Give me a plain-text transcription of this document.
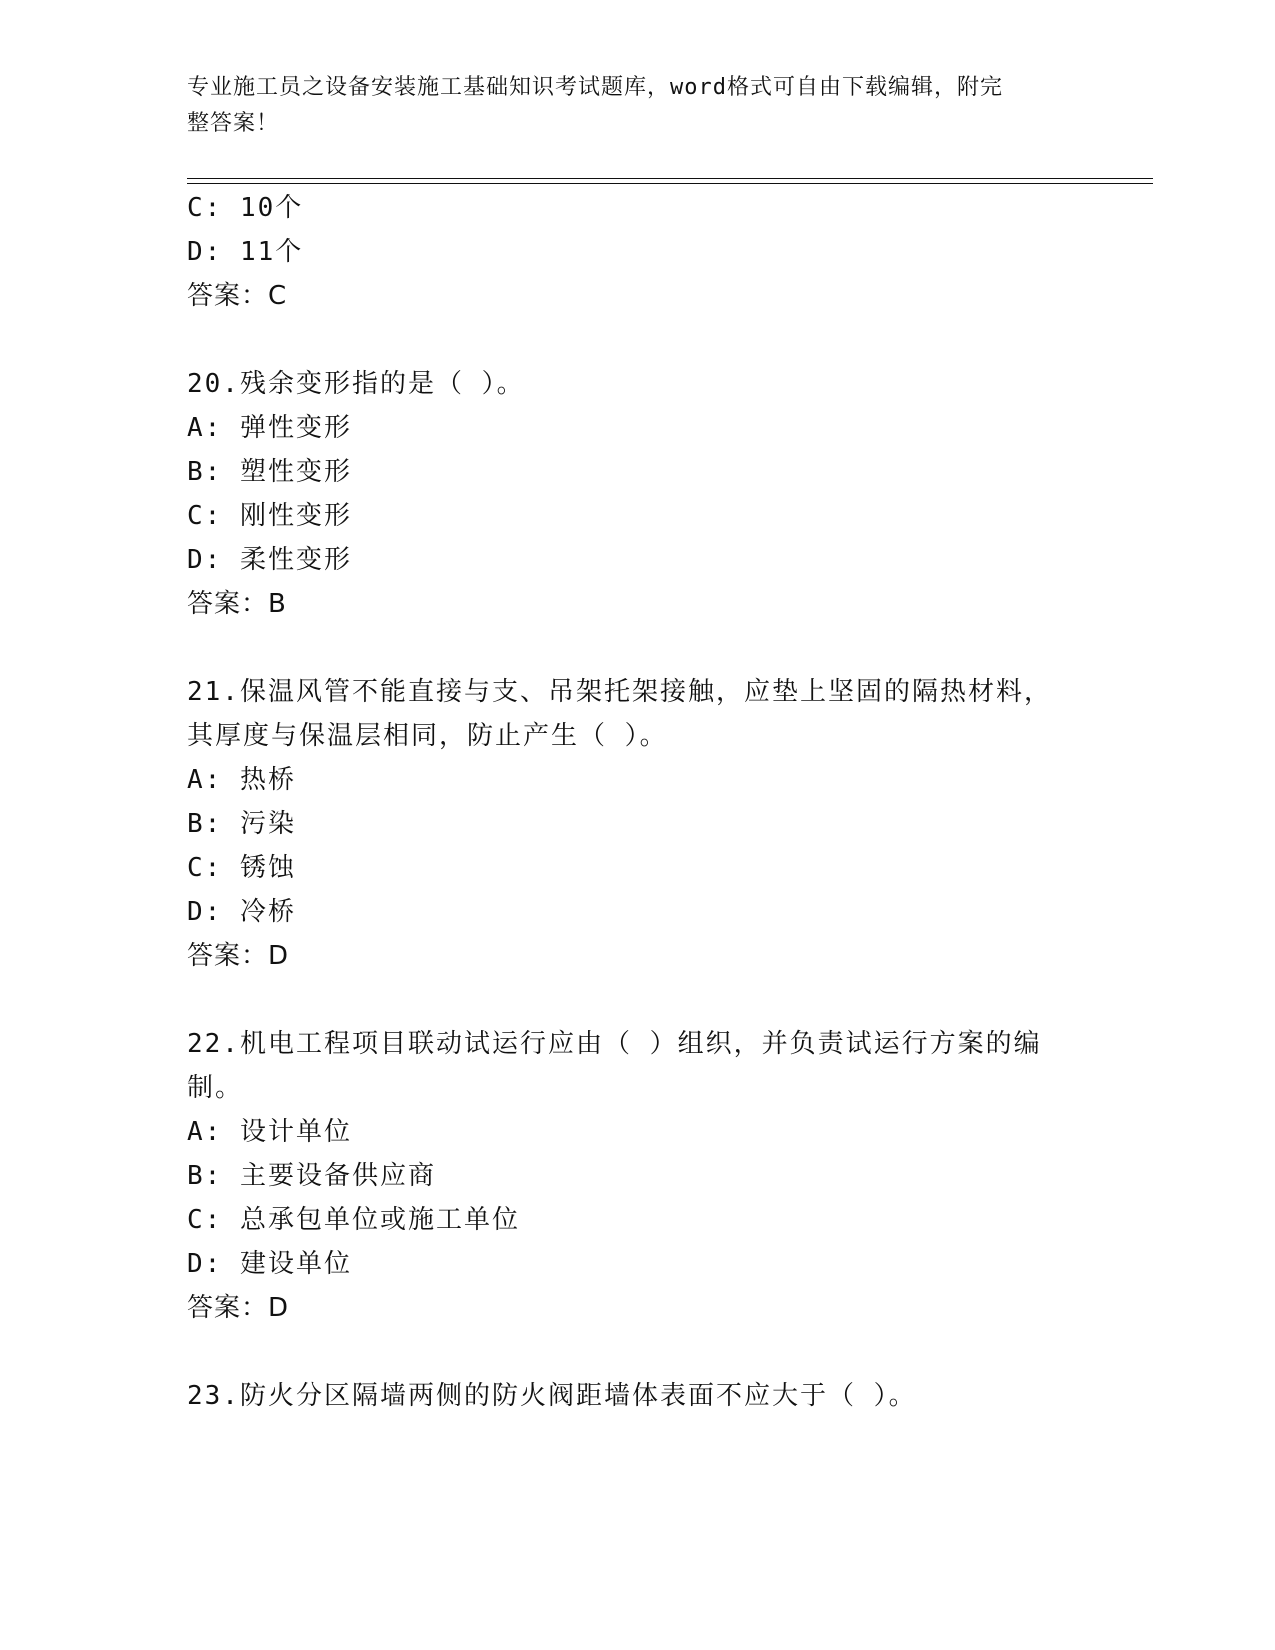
专业施工员之设备安装施工基础知识考试题库，word格式可自由下载编辑，附完
整答案！
C: 10个
D: 11个
答案：C
20.残余变形指的是（ ）。
A: 弹性变形
B: 塑性变形
C: 刚性变形
D: 柔性变形
答案：B
21.保温风管不能直接与支、吊架托架接触，应垫上坚固的隔热材料，
其厚度与保温层相同，防止产生（ ）。
A: 热桥
B: 污染
C: 锈蚀
D: 冷桥
答案：D
22.机电工程项目联动试运行应由（ ）组织，并负责试运行方案的编
制。
A: 设计单位
B: 主要设备供应商
C: 总承包单位或施工单位
D: 建设单位
答案：D
23.防火分区隔墙两侧的防火阀距墙体表面不应大于（ ）。
